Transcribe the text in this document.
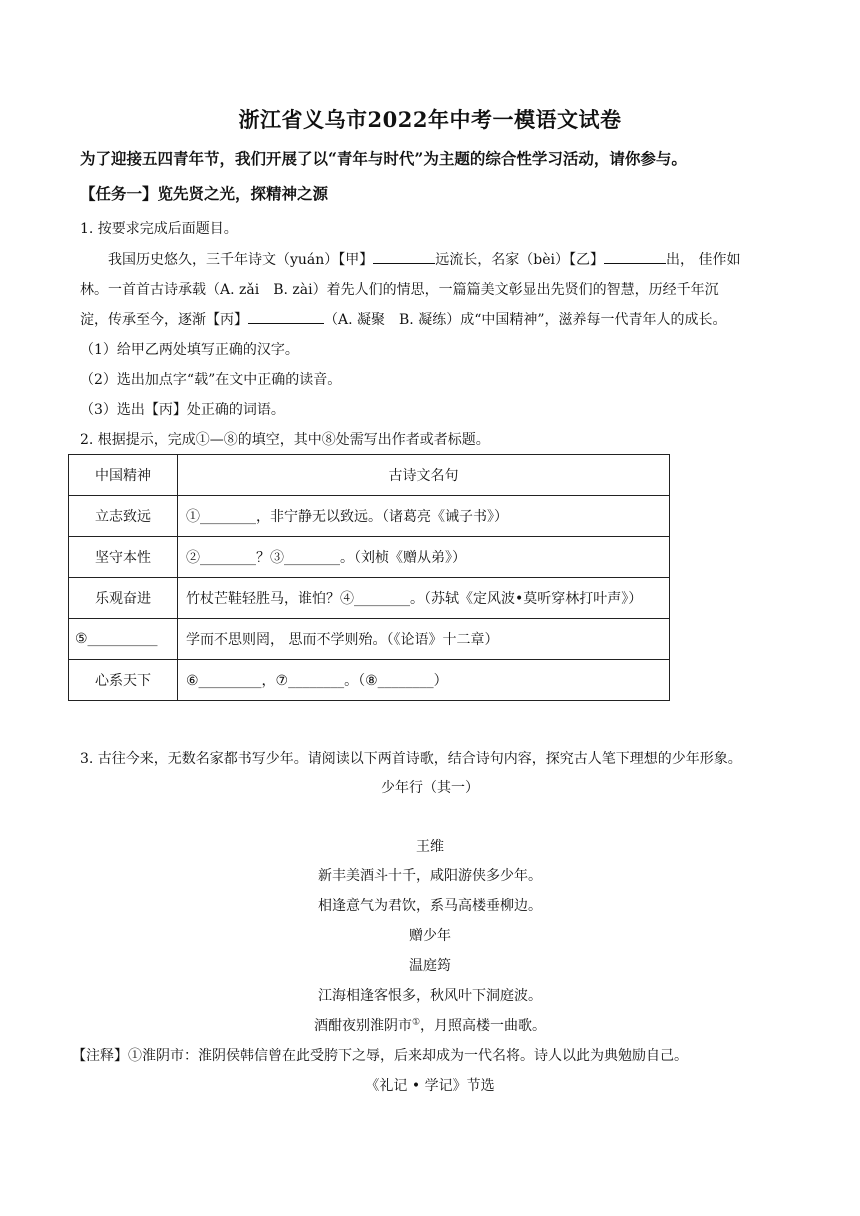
浙江省义乌市2022年中考一模语文试卷
为了迎接五四青年节，我们开展了以“青年与时代”为主题的综合性学习活动，请你参与。
【任务一】览先贤之光，探精神之源
1. 按要求完成后面题目。
我国历史悠久，三千年诗文（yuán）【甲】	远流长，名家（bèi）【乙】	出， 佳作如
林。一首首古诗承载（A. zǎi　B. zài）着先人们的情思，一篇篇美文彰显出先贤们的智慧，历经千年沉
淀，传承至今，逐渐【丙】	（A. 凝聚　B. 凝练）成“中国精神”，滋养每一代青年人的成长。
（1）给甲乙两处填写正确的汉字。
（2）选出加点字“载”在文中正确的读音。
（3）选出【丙】处正确的词语。
2. 根据提示，完成①—⑧的填空，其中⑧处需写出作者或者标题。
中国精神	古诗文名句
立志致远	①________，非宁静无以致远。（诸葛亮《诫子书》）
坚守本性	②________？③________。（刘桢《赠从弟》）
乐观奋进	竹杖芒鞋轻胜马，谁怕？④________。（苏轼《定风波•莫听穿林打叶声》）
⑤__________	学而不思则罔， 思而不学则殆。（《论语》十二章）
心系天下	⑥_________，⑦________。（⑧________）
3. 古往今来，无数名家都书写少年。请阅读以下两首诗歌，结合诗句内容，探究古人笔下理想的少年形象。
少年行（其一）
王维
新丰美酒斗十千，咸阳游侠多少年。
相逢意气为君饮，系马高楼垂柳边。
赠少年
温庭筠
江海相逢客恨多，秋风叶下洞庭波。
酒酣夜别淮阴市①，月照高楼一曲歌。
【注释】①淮阴市：淮阴侯韩信曾在此受胯下之辱，后来却成为一代名将。诗人以此为典勉励自己。
《礼记 • 学记》节选
